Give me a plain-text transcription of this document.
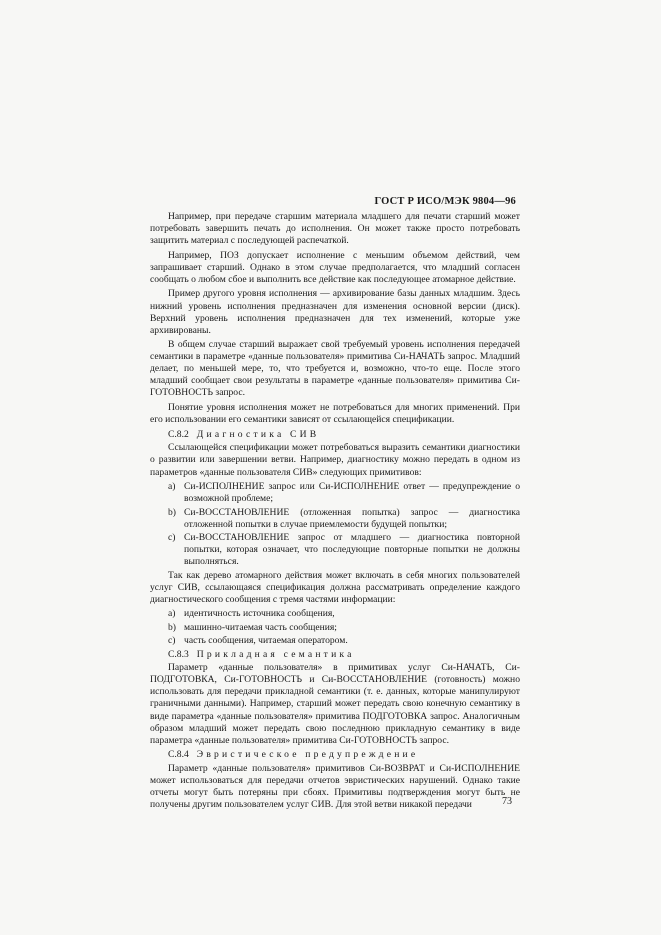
ГОСТ Р ИСО/МЭК 9804—96

Например, при передаче старшим материала младшего для печати старший может потребовать завершить печать до исполнения. Он может также просто потребовать защитить материал с последующей распечаткой.

Например, ПОЗ допускает исполнение с меньшим объемом действий, чем запрашивает старший. Однако в этом случае предполагается, что младший согласен сообщать о любом сбое и выполнить все действие как последующее атомарное действие.

Пример другого уровня исполнения — архивирование базы данных младшим. Здесь нижний уровень исполнения предназначен для изменения основной версии (диск). Верхний уровень исполнения предназначен для тех изменений, которые уже архивированы.

В общем случае старший выражает свой требуемый уровень исполнения передачей семантики в параметре «данные пользователя» примитива Си-НАЧАТЬ запрос. Младший делает, по меньшей мере, то, что требуется и, возможно, что-то еще. После этого младший сообщает свои результаты в параметре «данные пользователя» примитива Си-ГОТОВНОСТЬ запрос.

Понятие уровня исполнения может не потребоваться для многих применений. При его использовании его семантики зависят от ссылающейся спецификации.

С.8.2 Диагностика СИВ

Ссылающейся спецификации может потребоваться выразить семантики диагностики о развитии или завершении ветви. Например, диагностику можно передать в одном из параметров «данные пользователя СИВ» следующих примитивов:

a) Си-ИСПОЛНЕНИЕ запрос или Си-ИСПОЛНЕНИЕ ответ — предупреждение о возможной проблеме;
b) Си-ВОССТАНОВЛЕНИЕ (отложенная попытка) запрос — диагностика отложенной попытки в случае приемлемости будущей попытки;
c) Си-ВОССТАНОВЛЕНИЕ запрос от младшего — диагностика повторной попытки, которая означает, что последующие повторные попытки не должны выполняться.

Так как дерево атомарного действия может включать в себя многих пользователей услуг СИВ, ссылающаяся спецификация должна рассматривать определение каждого диагностического сообщения с тремя частями информации:

a) идентичность источника сообщения,
b) машинно-читаемая часть сообщения;
c) часть сообщения, читаемая оператором.
С.8.3 Прикладная семантика

Параметр «данные пользователя» в примитивах услуг Си-НАЧАТЬ, Си-ПОДГОТОВКА, Си-ГОТОВНОСТЬ и Си-ВОССТАНОВЛЕНИЕ (готовность) можно использовать для передачи прикладной семантики (т. е. данных, которые манипулируют граничными данными). Например, старший может передать свою конечную семантику в виде параметра «данные пользователя» примитива ПОДГОТОВКА запрос. Аналогичным образом младший может передать свою последнюю прикладную семантику в виде параметра «данные пользователя» примитива Си-ГОТОВНОСТЬ запрос.

С.8.4 Эвристическое предупреждение

Параметр «данные пользователя» примитивов Си-ВОЗВРАТ и Си-ИСПОЛНЕНИЕ может использоваться для передачи отчетов эвристических нарушений. Однако такие отчеты могут быть потеряны при сбоях. Примитивы подтверждения могут быть не получены другим пользователем услуг СИВ. Для этой ветви никакой передачи	73
